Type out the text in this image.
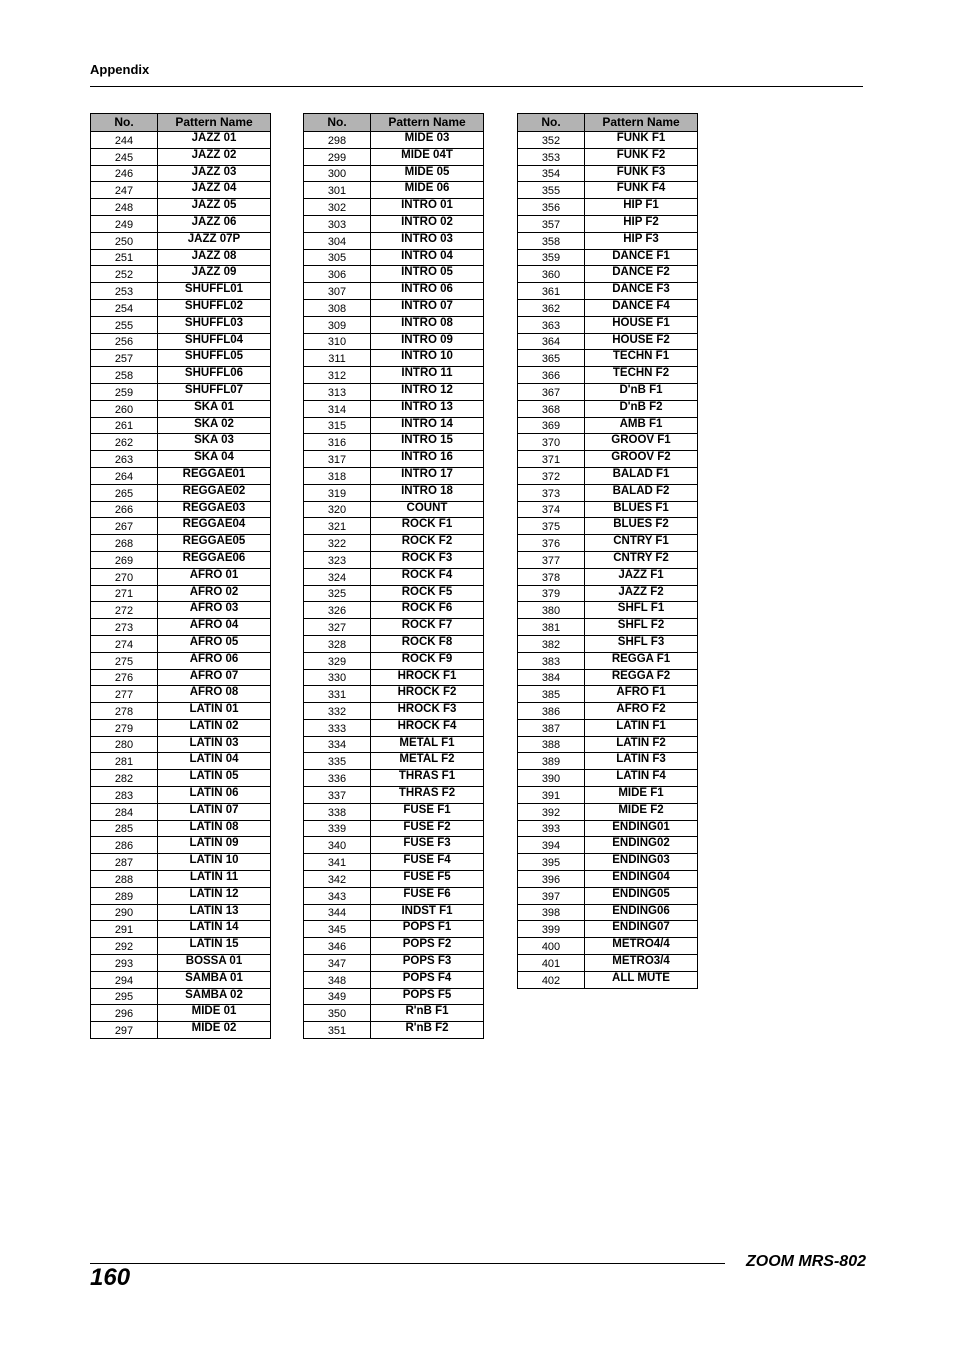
Appendix
No.	Pattern Name
244	JAZZ 01
245	JAZZ 02
246	JAZZ 03
247	JAZZ 04
248	JAZZ 05
249	JAZZ 06
250	JAZZ 07P
251	JAZZ 08
252	JAZZ 09
253	SHUFFL01
254	SHUFFL02
255	SHUFFL03
256	SHUFFL04
257	SHUFFL05
258	SHUFFL06
259	SHUFFL07
260	SKA 01
261	SKA 02
262	SKA 03
263	SKA 04
264	REGGAE01
265	REGGAE02
266	REGGAE03
267	REGGAE04
268	REGGAE05
269	REGGAE06
270	AFRO 01
271	AFRO 02
272	AFRO 03
273	AFRO 04
274	AFRO 05
275	AFRO 06
276	AFRO 07
277	AFRO 08
278	LATIN 01
279	LATIN 02
280	LATIN 03
281	LATIN 04
282	LATIN 05
283	LATIN 06
284	LATIN 07
285	LATIN 08
286	LATIN 09
287	LATIN 10
288	LATIN 11
289	LATIN 12
290	LATIN 13
291	LATIN 14
292	LATIN 15
293	BOSSA 01
294	SAMBA 01
295	SAMBA 02
296	MIDE 01
297	MIDE 02
No.	Pattern Name
298	MIDE 03
299	MIDE 04T
300	MIDE 05
301	MIDE 06
302	INTRO 01
303	INTRO 02
304	INTRO 03
305	INTRO 04
306	INTRO 05
307	INTRO 06
308	INTRO 07
309	INTRO 08
310	INTRO 09
311	INTRO 10
312	INTRO 11
313	INTRO 12
314	INTRO 13
315	INTRO 14
316	INTRO 15
317	INTRO 16
318	INTRO 17
319	INTRO 18
320	COUNT
321	ROCK F1
322	ROCK F2
323	ROCK F3
324	ROCK F4
325	ROCK F5
326	ROCK F6
327	ROCK F7
328	ROCK F8
329	ROCK F9
330	HROCK F1
331	HROCK F2
332	HROCK F3
333	HROCK F4
334	METAL F1
335	METAL F2
336	THRAS F1
337	THRAS F2
338	FUSE F1
339	FUSE F2
340	FUSE F3
341	FUSE F4
342	FUSE F5
343	FUSE F6
344	INDST F1
345	POPS F1
346	POPS F2
347	POPS F3
348	POPS F4
349	POPS F5
350	R'nB F1
351	R'nB F2
No.	Pattern Name
352	FUNK F1
353	FUNK F2
354	FUNK F3
355	FUNK F4
356	HIP F1
357	HIP F2
358	HIP F3
359	DANCE F1
360	DANCE F2
361	DANCE F3
362	DANCE F4
363	HOUSE F1
364	HOUSE F2
365	TECHN F1
366	TECHN F2
367	D'nB F1
368	D'nB F2
369	AMB F1
370	GROOV F1
371	GROOV F2
372	BALAD F1
373	BALAD F2
374	BLUES F1
375	BLUES F2
376	CNTRY F1
377	CNTRY F2
378	JAZZ F1
379	JAZZ F2
380	SHFL F1
381	SHFL F2
382	SHFL F3
383	REGGA F1
384	REGGA F2
385	AFRO F1
386	AFRO F2
387	LATIN F1
388	LATIN F2
389	LATIN F3
390	LATIN F4
391	MIDE F1
392	MIDE F2
393	ENDING01
394	ENDING02
395	ENDING03
396	ENDING04
397	ENDING05
398	ENDING06
399	ENDING07
400	METRO4/4
401	METRO3/4
402	ALL MUTE
160
ZOOM MRS-802
